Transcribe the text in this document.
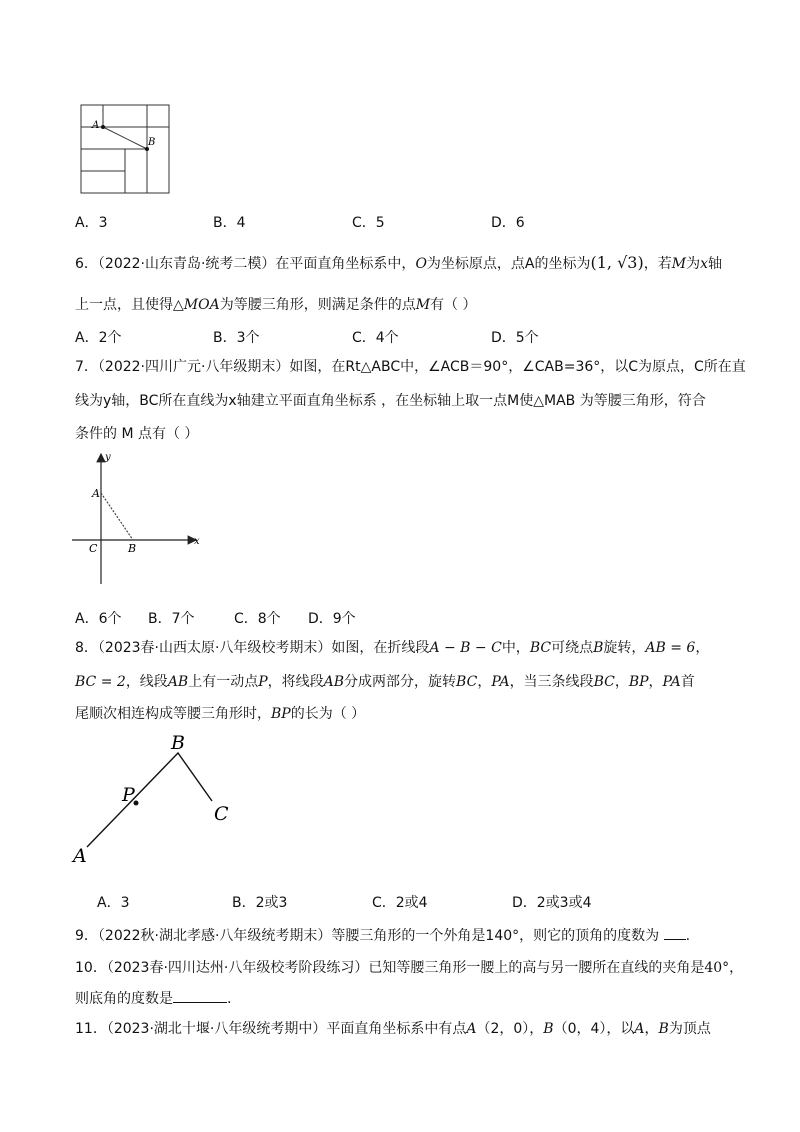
A
B
A．3	B．4	C．5	D．6
6．（2022·山东青岛·统考二模）在平面直角坐标系中，O为坐标原点，点A的坐标为(1, √3)，若M为x轴
上一点，且使得△MOA为等腰三角形，则满足条件的点M有（ ）
A．2个	B．3个	C．4个	D．5个
7．（2022·四川广元·八年级期末）如图，在Rt△ABC中，∠ACB＝90°，∠CAB=36°，以C为原点，C所在直
线为y轴，BC所在直线为x轴建立平面直角坐标系 ，在坐标轴上取一点M使△MAB 为等腰三角形，符合
条件的 M 点有（ ）
y
x
A
C	B
A．6个 B．7个	C．8个 D．9个
8．（2023春·山西太原·八年级校考期末）如图，在折线段A − B − C中，BC可绕点B旋转，AB = 6，
BC = 2，线段AB上有一动点P，将线段AB分成两部分，旋转BC，PA，当三条线段BC，BP，PA首
尾顺次相连构成等腰三角形时，BP的长为（ ）
B
P
C
A
A．3	B．2或3	C．2或4	D．2或3或4
9．（2022秋·湖北孝感·八年级统考期末）等腰三角形的一个外角是140°，则它的顶角的度数为 .
10．（2023春·四川达州·八年级校考阶段练习）已知等腰三角形一腰上的高与另一腰所在直线的夹角是40°，
则底角的度数是	.
11．（2023·湖北十堰·八年级统考期中）平面直角坐标系中有点A（2，0），B（0，4），以A，B为顶点
